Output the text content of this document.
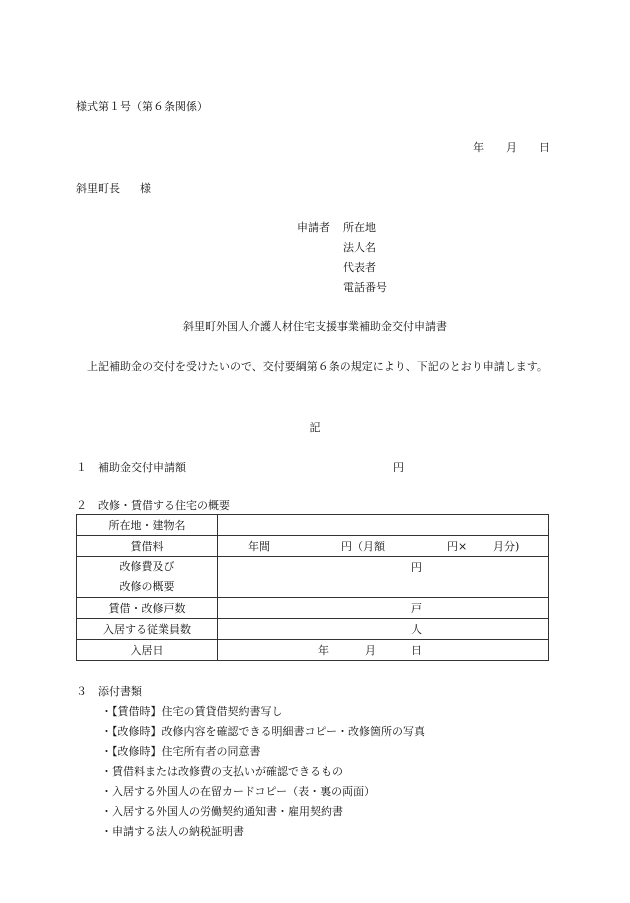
様式第１号（第６条関係）
年 月 日
斜里町長 様
申請者 所在地
法人名
代表者
電話番号
斜里町外国人介護人材住宅支援事業補助金交付申請書
上記補助金の交付を受けたいので、交付要綱第６条の規定により、下記のとおり申請します。
記
１　補助金交付申請額	円
２　改修・賃借する住宅の概要
所在地・建物名	
賃借料	年間 円（月額 円× 月分)

改修費及び
改修の概要	円

賃借・改修戸数	戸

入居する従業員数	人

入居日	年 月 日
３　添付書類
・【賃借時】住宅の賃貸借契約書写し
・【改修時】改修内容を確認できる明細書コピー・改修箇所の写真
・【改修時】住宅所有者の同意書
・賃借料または改修費の支払いが確認できるもの
・入居する外国人の在留カードコピー（表・裏の両面）
・入居する外国人の労働契約通知書・雇用契約書
・申請する法人の納税証明書
